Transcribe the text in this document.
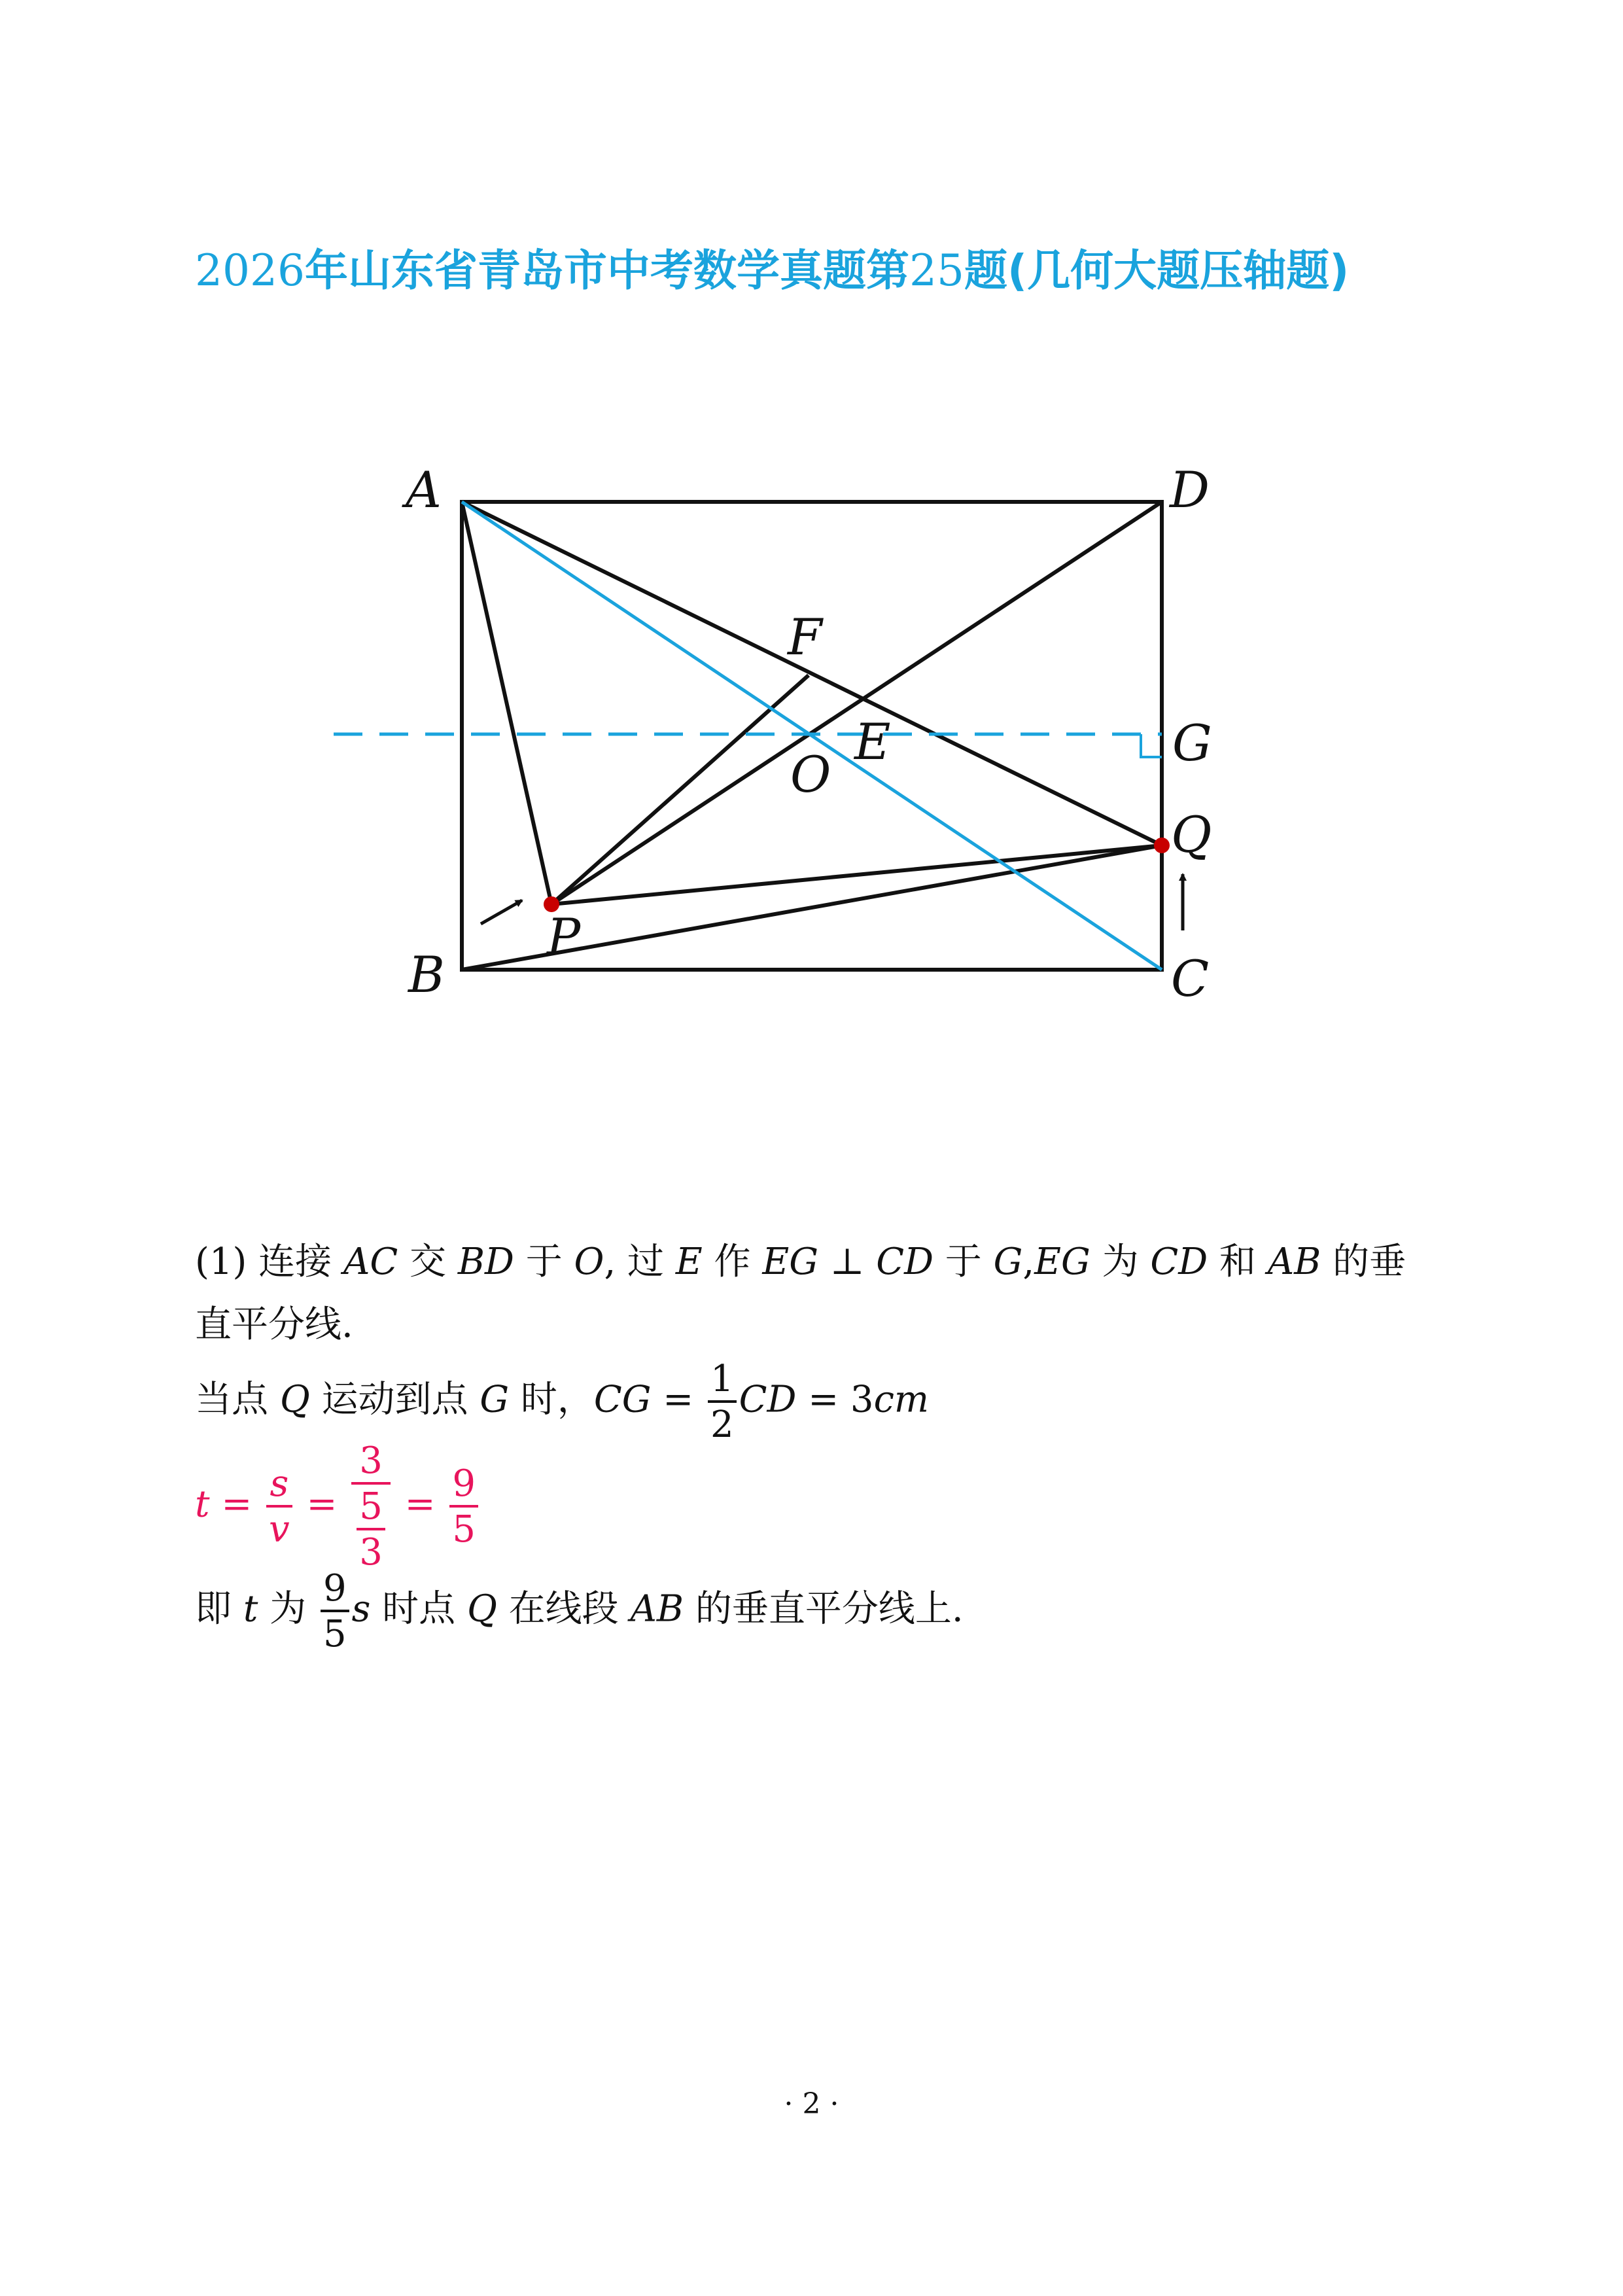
2026年山东省青岛市中考数学真题第25题(几何大题压轴题)
A	D
B	C
F
E
O
G
Q
P
(1) 连接 AC 交 BD 于 O, 过 E 作 EG ⊥ CD 于 G,EG 为 CD 和 AB 的垂
直平分线.
当点 Q 运动到点 G 时，CG = $\frac{1}{2}$ CD = 3cm
$t = \frac{s}{v} = \frac{3}{\frac{5}{3}} = \frac{9}{5}$
即 t 为 $\frac{9}{5}$ s 时点 Q 在线段 AB 的垂直平分线上.
· 2 ·
